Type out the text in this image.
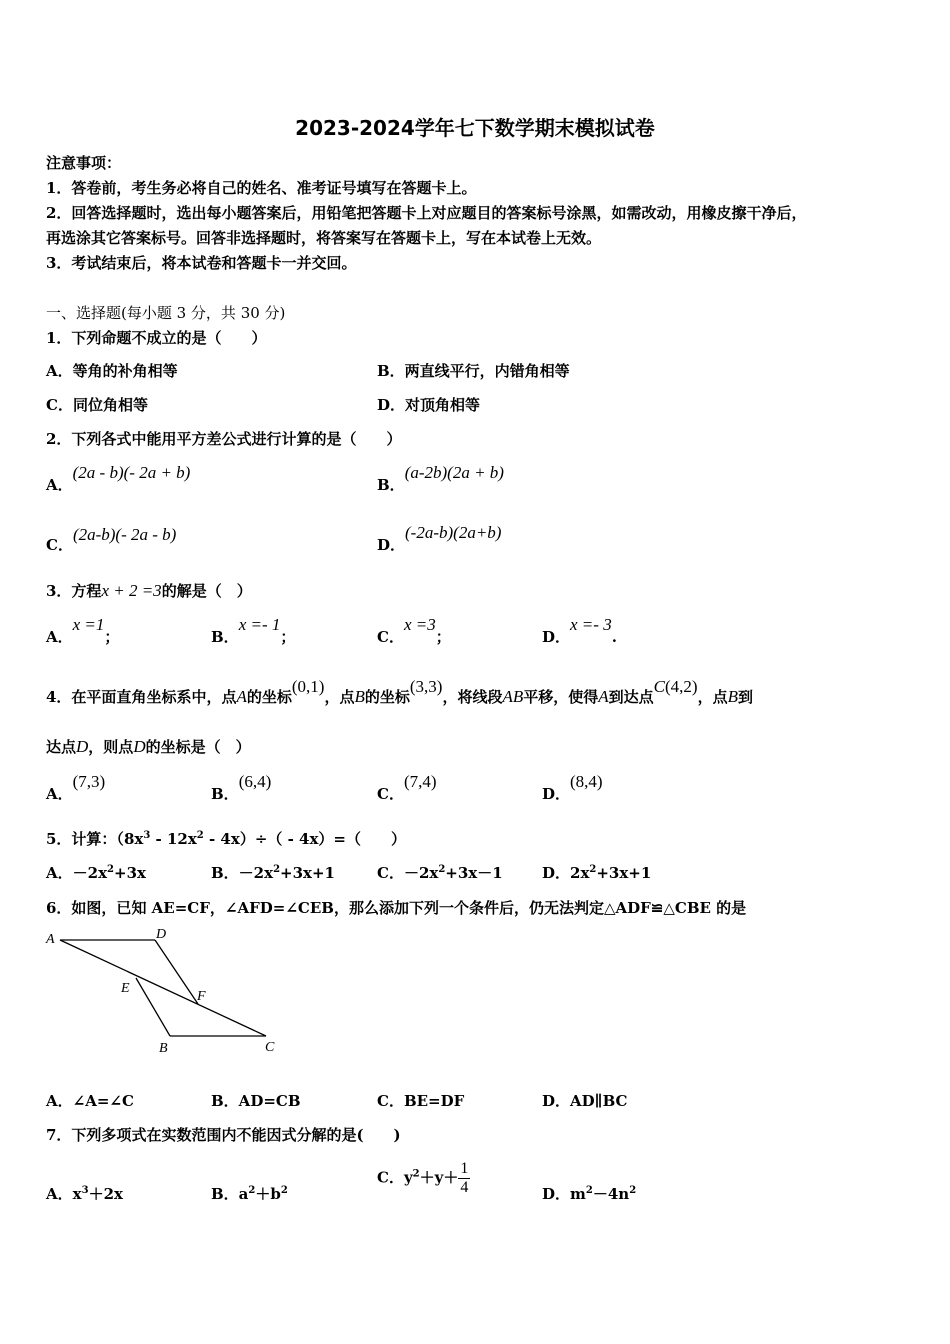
2023-2024学年七下数学期末模拟试卷
注意事项：
1．答卷前，考生务必将自己的姓名、准考证号填写在答题卡上。
2．回答选择题时，选出每小题答案后，用铅笔把答题卡上对应题目的答案标号涂黑，如需改动，用橡皮擦干净后，
再选涂其它答案标号。回答非选择题时，将答案写在答题卡上，写在本试卷上无效。
3．考试结束后，将本试卷和答题卡一并交回。
一、选择题(每小题 3 分，共 30 分)
1．下列命题不成立的是（　　）
A．等角的补角相等	B．两直线平行，内错角相等
C．同位角相等	D．对顶角相等
2．下列各式中能用平方差公式进行计算的是（　　）
A．(2a - b)(- 2a + b)
B．(a-2b)(2a + b)
C．(2a-b)(- 2a - b)
D．(-2a-b)(2a+b)
3．方程x + 2 =3的解是（　）
A．x =1；	B．x =- 1；	C．x =3；	D．x =- 3.
4．在平面直角坐标系中，点A的坐标(0,1)，点B的坐标(3,3)，将线段AB平移，使得A到达点C(4,2)，点B到
达点D，则点D的坐标是（　）
A．(7,3)
B．(6,4)
C．(7,4)
D．(8,4)
5．计算：$(8x^3 - 12x^2 - 4x)\div( - 4x)=$（　　）
A．$-2x^2+3x$	B．$-2x^2+3x+1$	C．$-2x^2+3x-1$	D．$2x^2+3x+1$
6．如图，已知 AE=CF，∠AFD=∠CEB，那么添加下列一个条件后，仍无法判定△ADF≌△CBE 的是
A	D
E
F
B	C
A．∠A=∠C	B．AD=CB	C．BE=DF	D．AD∥BC
7．下列多项式在实数范围内不能因式分解的是(　　)
A．$x^3+2x$	B．$a^2+b^2$
C．$y^2+y+ \frac{1}{4}$	D．$m^2-4n^2$
